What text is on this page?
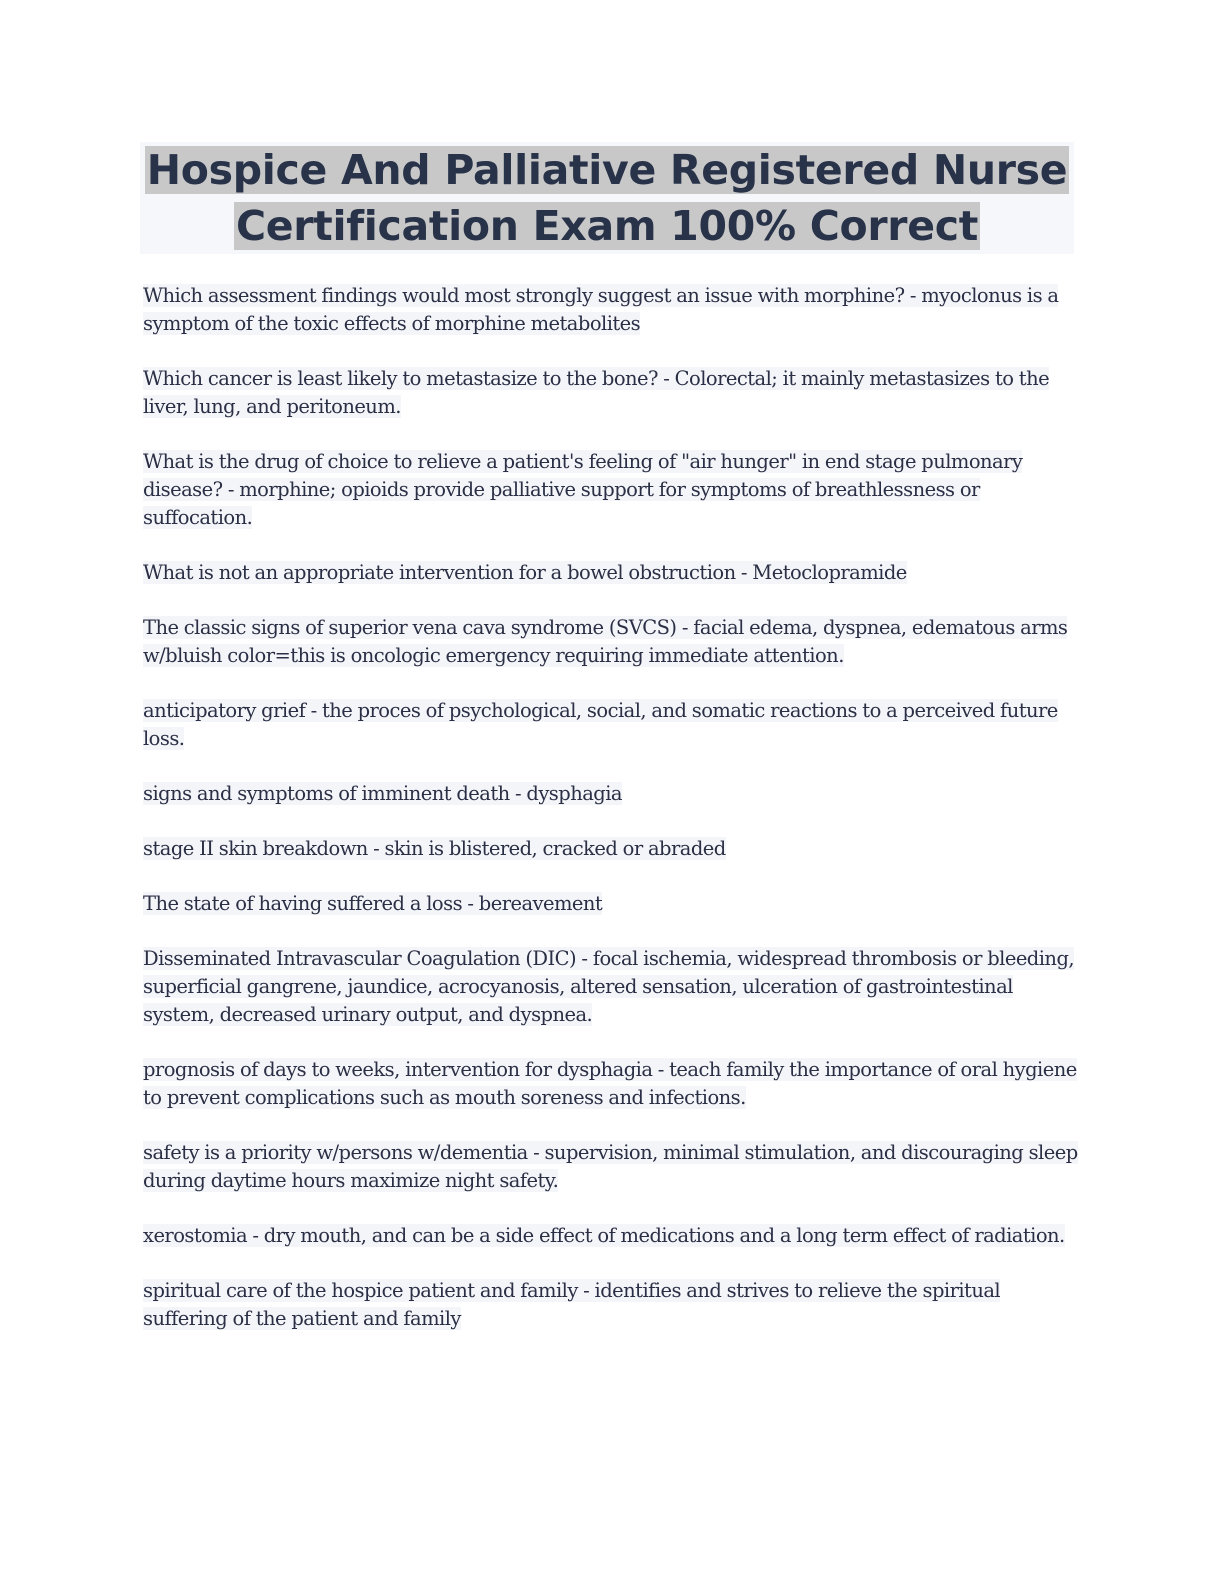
Hospice And Palliative Registered Nurse
Certification Exam 100% Correct

Which assessment findings would most strongly suggest an issue with morphine? - myoclonus is a symptom of the toxic effects of morphine metabolites

Which cancer is least likely to metastasize to the bone? - Colorectal; it mainly metastasizes to the liver, lung, and peritoneum.

What is the drug of choice to relieve a patient's feeling of "air hunger" in end stage pulmonary disease? - morphine; opioids provide palliative support for symptoms of breathlessness or suffocation.

What is not an appropriate intervention for a bowel obstruction - Metoclopramide

The classic signs of superior vena cava syndrome (SVCS) - facial edema, dyspnea, edematous arms w/bluish color=this is oncologic emergency requiring immediate attention.

anticipatory grief - the proces of psychological, social, and somatic reactions to a perceived future loss.

signs and symptoms of imminent death - dysphagia

stage II skin breakdown - skin is blistered, cracked or abraded

The state of having suffered a loss - bereavement

Disseminated Intravascular Coagulation (DIC) - focal ischemia, widespread thrombosis or bleeding, superficial gangrene, jaundice, acrocyanosis, altered sensation, ulceration of gastrointestinal system, decreased urinary output, and dyspnea.

prognosis of days to weeks, intervention for dysphagia - teach family the importance of oral hygiene to prevent complications such as mouth soreness and infections.

safety is a priority w/persons w/dementia - supervision, minimal stimulation, and discouraging sleep during daytime hours maximize night safety.

xerostomia - dry mouth, and can be a side effect of medications and a long term effect of radiation.

spiritual care of the hospice patient and family - identifies and strives to relieve the spiritual suffering of the patient and family
